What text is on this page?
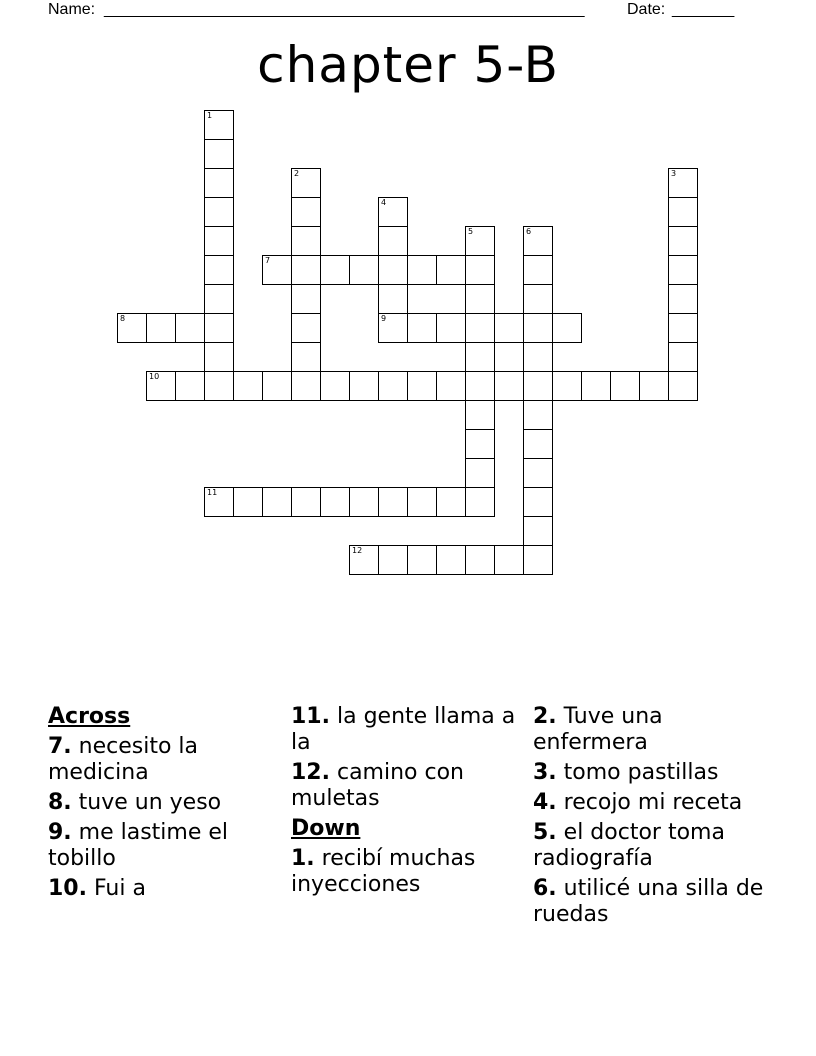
Name: ______________________________________________________	Date: _______
chapter 5-B
1
2	3
4
9
5	6
7
8
10
11
12
Across
7. necesito la medicina
8. tuve un yeso
9. me lastime el tobillo
10. Fui a
11. la gente llama a la
12. camino con muletas
Down
1. recibí muchas inyecciones
2. Tuve una enfermera
3. tomo pastillas
4. recojo mi receta
5. el doctor toma radiografía
6. utilicé una silla de ruedas
